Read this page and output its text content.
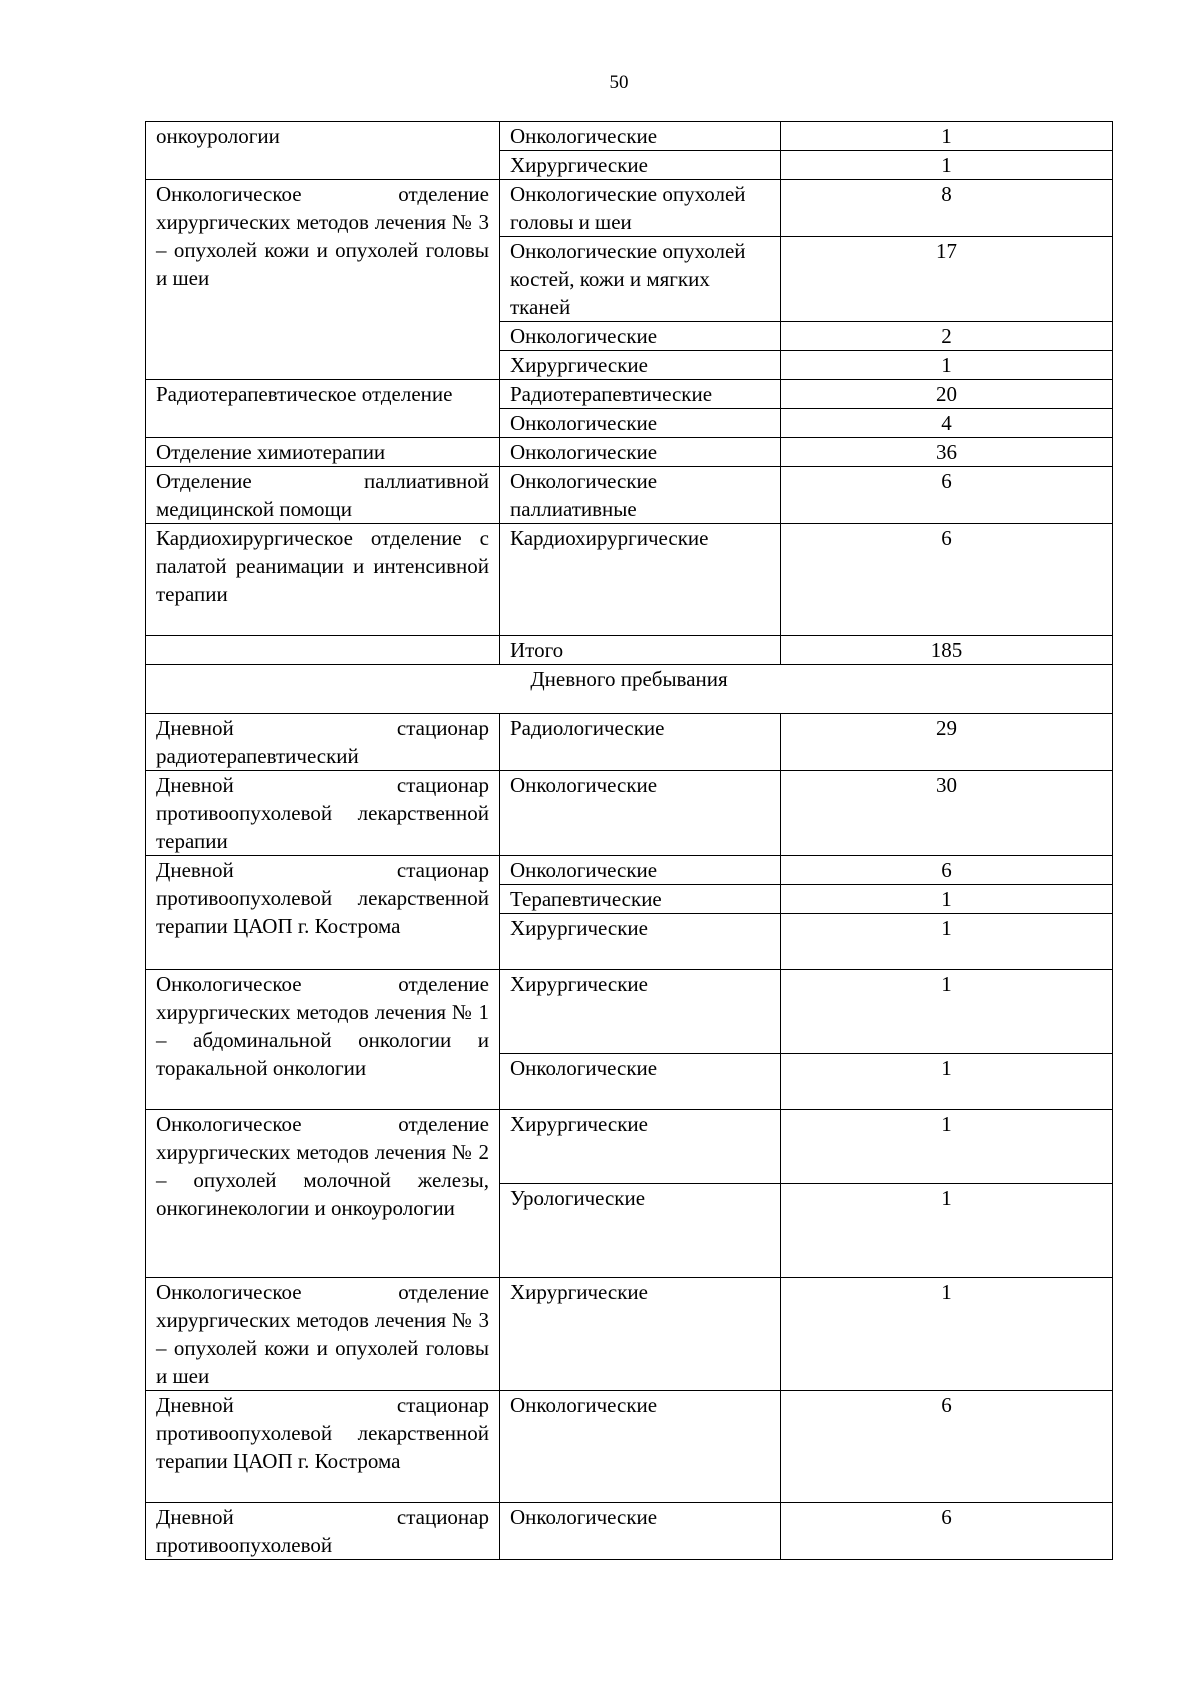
50
онкоурологии	Онкологические	1
	Хирургические	1
Онкологическое отделение хирургических методов лечения № 3 – опухолей кожи и опухолей головы и шеи	Онкологические опухолей головы и шеи	8
	Онкологические опухолей костей, кожи и мягких тканей	17
	Онкологические	2
	Хирургические	1
Радиотерапевтическое отделение	Радиотерапевтические	20
	Онкологические	4
Отделение химиотерапии	Онкологические	36
Отделение паллиативной медицинской помощи	Онкологические паллиативные	6
Кардиохирургическое отделение с палатой реанимации и интенсивной терапии	Кардиохирургические	6
	Итого	185
Дневного пребывания		
Дневной стационар радиотерапевтический	Радиологические	29
Дневной стационар противоопухолевой лекарственной терапии	Онкологические	30
Дневной стационар противоопухолевой лекарственной терапии ЦАОП г. Кострома	Онкологические	6
	Терапевтические	1
	Хирургические	1
Онкологическое отделение хирургических методов лечения № 1 – абдоминальной онкологии и торакальной онкологии	Хирургические	1
	Онкологические	1
Онкологическое отделение хирургических методов лечения № 2 – опухолей молочной железы, онкогинекологии и онкоурологии	Хирургические	1
	Урологические	1
Онкологическое отделение хирургических методов лечения № 3 – опухолей кожи и опухолей головы и шеи	Хирургические	1
Дневной стационар противоопухолевой лекарственной терапии ЦАОП г. Кострома	Онкологические	6
Дневной стационар противоопухолевой	Онкологические	6
